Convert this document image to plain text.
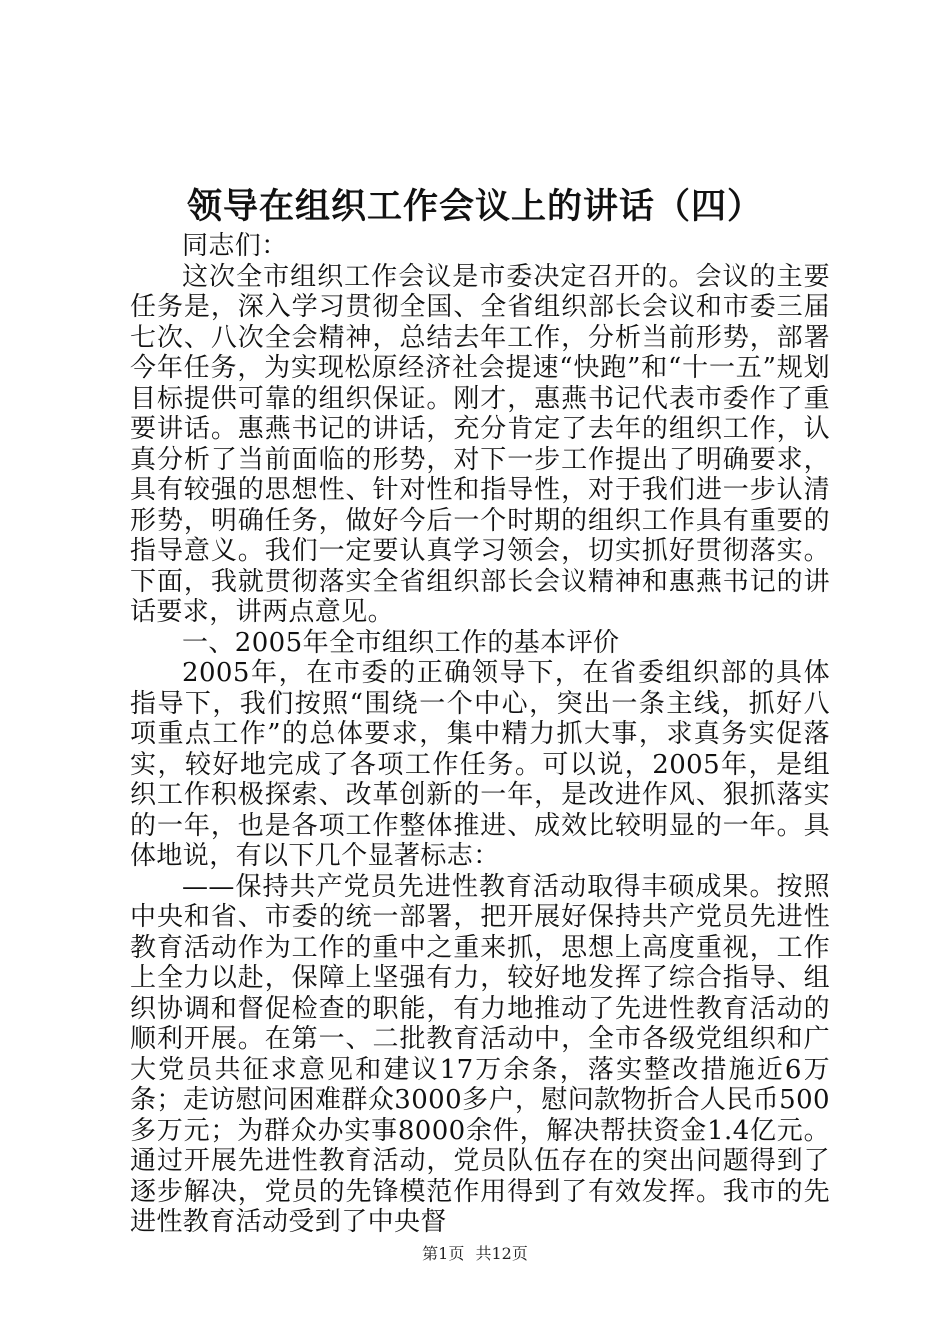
领导在组织工作会议上的讲话（四）

同志们：

这次全市组织工作会议是市委决定召开的。会议的主要任务是，深入学习贯彻全国、全省组织部长会议和市委三届七次、八次全会精神，总结去年工作，分析当前形势，部署今年任务，为实现松原经济社会提速“快跑”和“十一五”规划目标提供可靠的组织保证。刚才，惠燕书记代表市委作了重要讲话。惠燕书记的讲话，充分肯定了去年的组织工作，认真分析了当前面临的形势，对下一步工作提出了明确要求，具有较强的思想性、针对性和指导性，对于我们进一步认清形势，明确任务，做好今后一个时期的组织工作具有重要的指导意义。我们一定要认真学习领会，切实抓好贯彻落实。下面，我就贯彻落实全省组织部长会议精神和惠燕书记的讲话要求，讲两点意见。

一、2005年全市组织工作的基本评价

2005年，在市委的正确领导下，在省委组织部的具体指导下，我们按照“围绕一个中心，突出一条主线，抓好八项重点工作”的总体要求，集中精力抓大事，求真务实促落实，较好地完成了各项工作任务。可以说，2005年，是组织工作积极探索、改革创新的一年，是改进作风、狠抓落实的一年，也是各项工作整体推进、成效比较明显的一年。具体地说，有以下几个显著标志：

——保持共产党员先进性教育活动取得丰硕成果。按照中央和省、市委的统一部署，把开展好保持共产党员先进性教育活动作为工作的重中之重来抓，思想上高度重视，工作上全力以赴，保障上坚强有力，较好地发挥了综合指导、组织协调和督促检查的职能，有力地推动了先进性教育活动的顺利开展。在第一、二批教育活动中，全市各级党组织和广大党员共征求意见和建议17万余条，落实整改措施近6万条；走访慰问困难群众3000多户，慰问款物折合人民币500多万元；为群众办实事8000余件，解决帮扶资金1.4亿元。通过开展先进性教育活动，党员队伍存在的突出问题得到了逐步解决，党员的先锋模范作用得到了有效发挥。我市的先进性教育活动受到了中央督

第1页 共12页
